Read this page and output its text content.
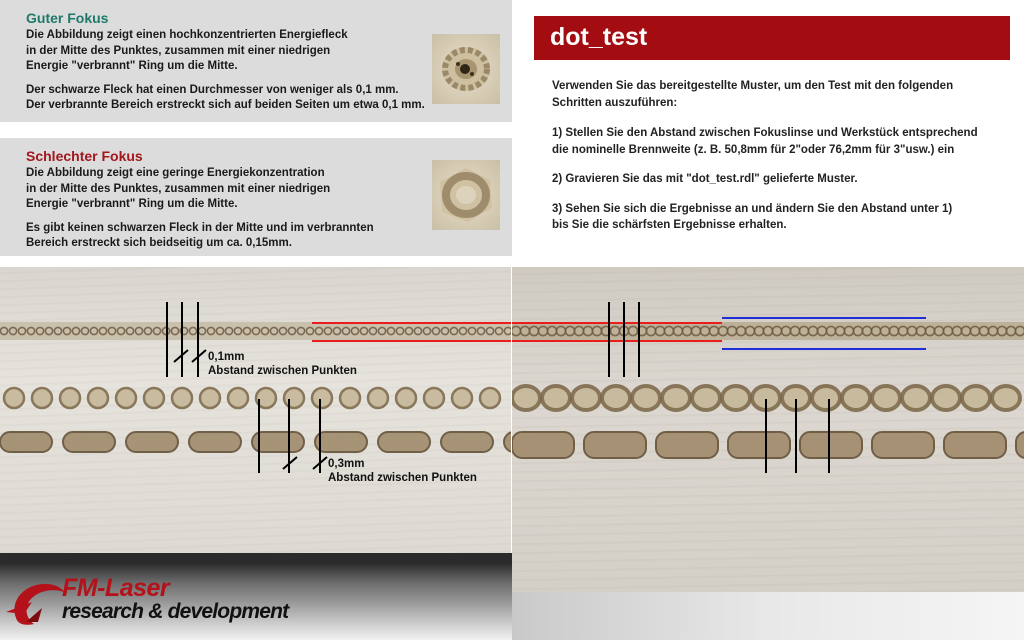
Guter Fokus
Die Abbildung zeigt einen hochkonzentrierten Energiefleck
in der Mitte des Punktes, zusammen mit einer niedrigen
Energie "verbrannt" Ring um die Mitte.
Der schwarze Fleck hat einen Durchmesser von weniger als 0,1 mm.
Der verbrannte Bereich erstreckt sich auf beiden Seiten um etwa 0,1 mm.
Schlechter Fokus
Die Abbildung zeigt eine geringe Energiekonzentration
in der Mitte des Punktes, zusammen mit einer niedrigen
Energie "verbrannt" Ring um die Mitte.
Es gibt keinen schwarzen Fleck in der Mitte und im verbrannten
Bereich erstreckt sich beidseitig um ca. 0,15mm.
dot_test
Verwenden Sie das bereitgestellte Muster, um den Test mit den folgenden
Schritten auszuführen:
1) Stellen Sie den Abstand zwischen Fokuslinse und Werkstück entsprechend
die nominelle Brennweite (z. B. 50,8mm für 2"oder 76,2mm für 3"usw.) ein
2) Gravieren Sie das mit "dot_test.rdl" gelieferte Muster.
3) Sehen Sie sich die Ergebnisse an und ändern Sie den Abstand unter 1)
bis Sie die schärfsten Ergebnisse erhalten.
0,1mm
Abstand zwischen Punkten
0,3mm
Abstand zwischen Punkten
FM-Laser
research & development
